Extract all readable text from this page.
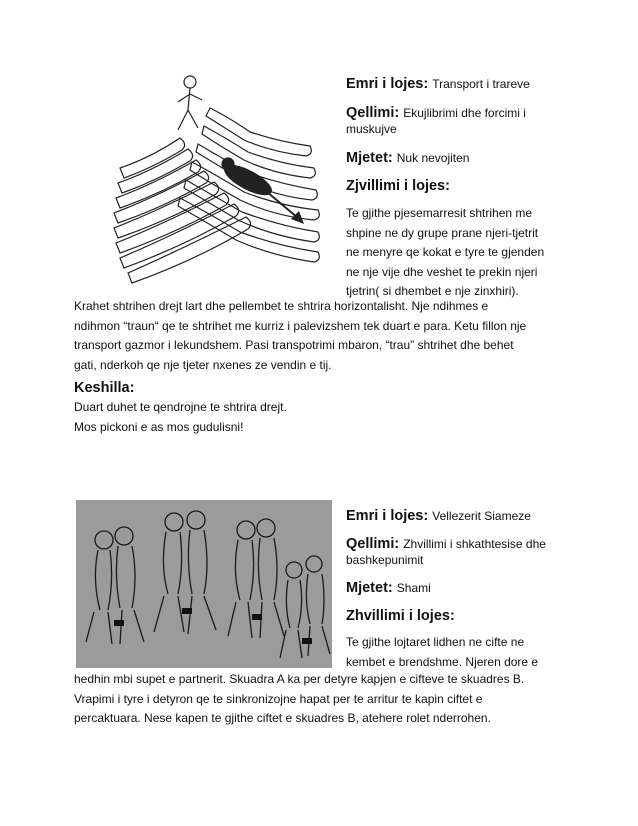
Emri i lojes: Transport i trareve
Qellimi: Ekujlibrimi dhe forcimi i
muskujve
Mjetet: Nuk nevojiten
Zjvillimi i lojes:
Te gjithe pjesemarresit shtrihen me
shpine ne dy grupe prane njeri-tjetrit
ne menyre qe kokat e tyre te gjenden
ne nje vije dhe veshet te prekin njeri
tjetrin( si dhembet e nje zinxhiri).
Krahet shtrihen drejt lart dhe pellembet te shtrira horizontalisht. Nje ndihmes e
ndihmon “traun“ qe te shtrihet me kurriz i palevizshem tek duart e para. Ketu fillon nje
transport gazmor i lekundshem. Pasi transpotrimi mbaron, “trau” shtrihet dhe behet
gati, nderkoh qe nje tjeter nxenes ze vendin e tij.
Keshilla:
Duart duhet te qendrojne te shtrira drejt.
Mos pickoni e as mos gudulisni!
Emri i lojes: Vellezerit Siameze
Qellimi: Zhvillimi i shkathtesise dhe
bashkepunimit
Mjetet: Shami
Zhvillimi i lojes:
Te gjithe lojtaret lidhen ne cifte ne
kembet e brendshme. Njeren dore e
hedhin mbi supet e partnerit. Skuadra A ka per detyre kapjen e cifteve te skuadres B.
Vrapimi i tyre i detyron qe te sinkronizojne hapat per te arritur te kapin ciftet e
percaktuara. Nese kapen te gjithe ciftet e skuadres B, atehere rolet nderrohen.
